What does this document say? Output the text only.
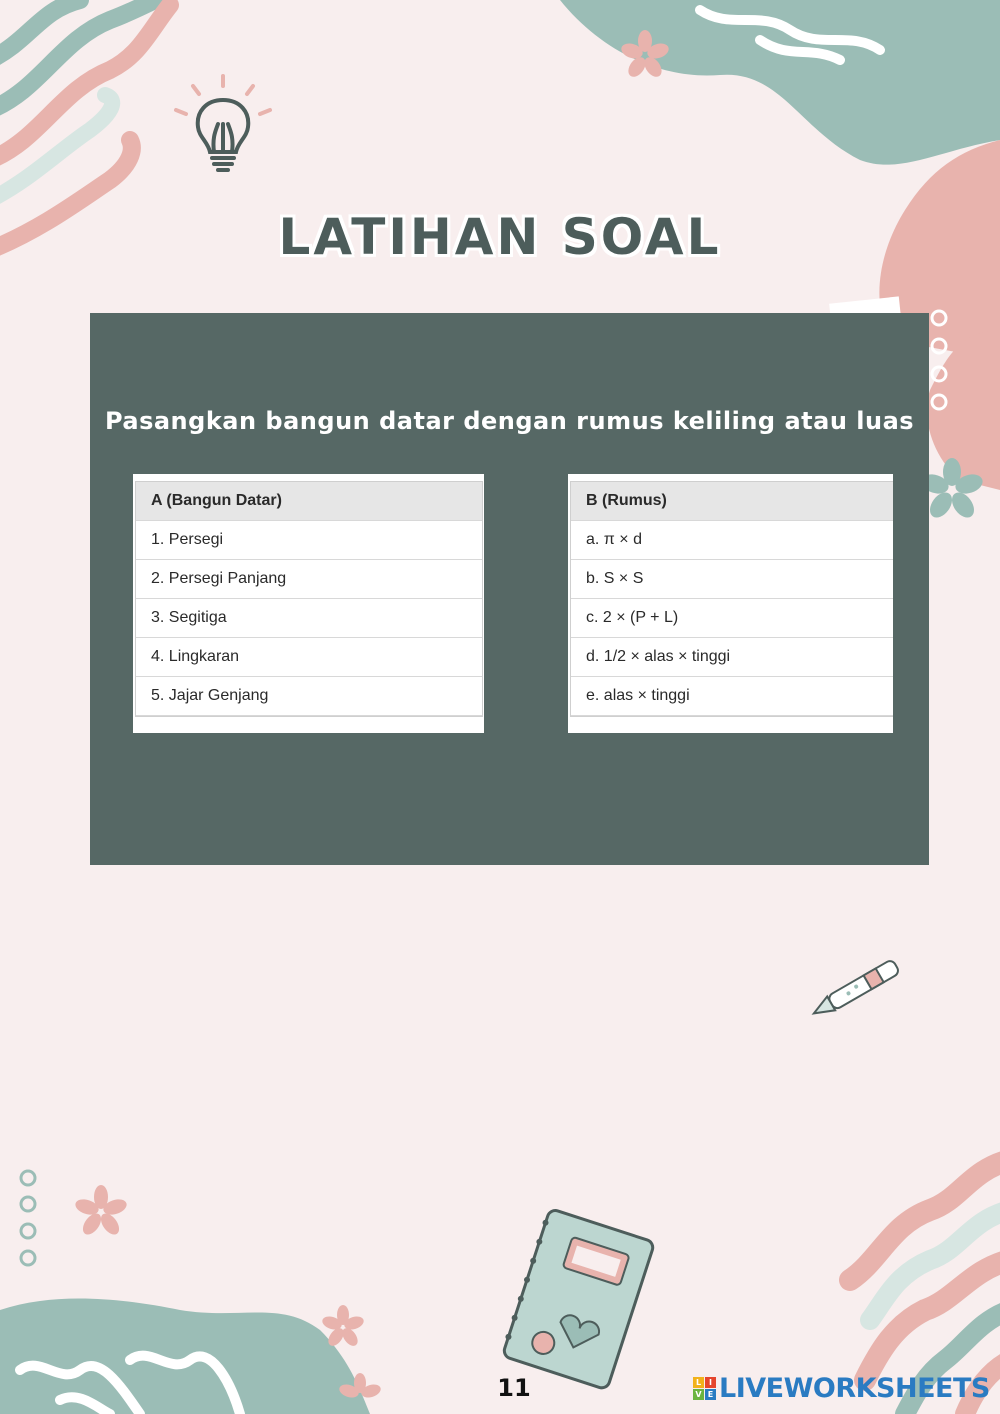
LATIHAN SOAL
Pasangkan bangun datar dengan rumus keliling atau luas
A (Bangun Datar)
1. Persegi
2. Persegi Panjang
3. Segitiga
4. Lingkaran
5. Jajar Genjang
B (Rumus)
a. π × d
b. S × S
c. 2 × (P + L)
d. 1/2 × alas × tinggi
e. alas × tinggi
11	L I
V E LIVEWORKSHEETS
